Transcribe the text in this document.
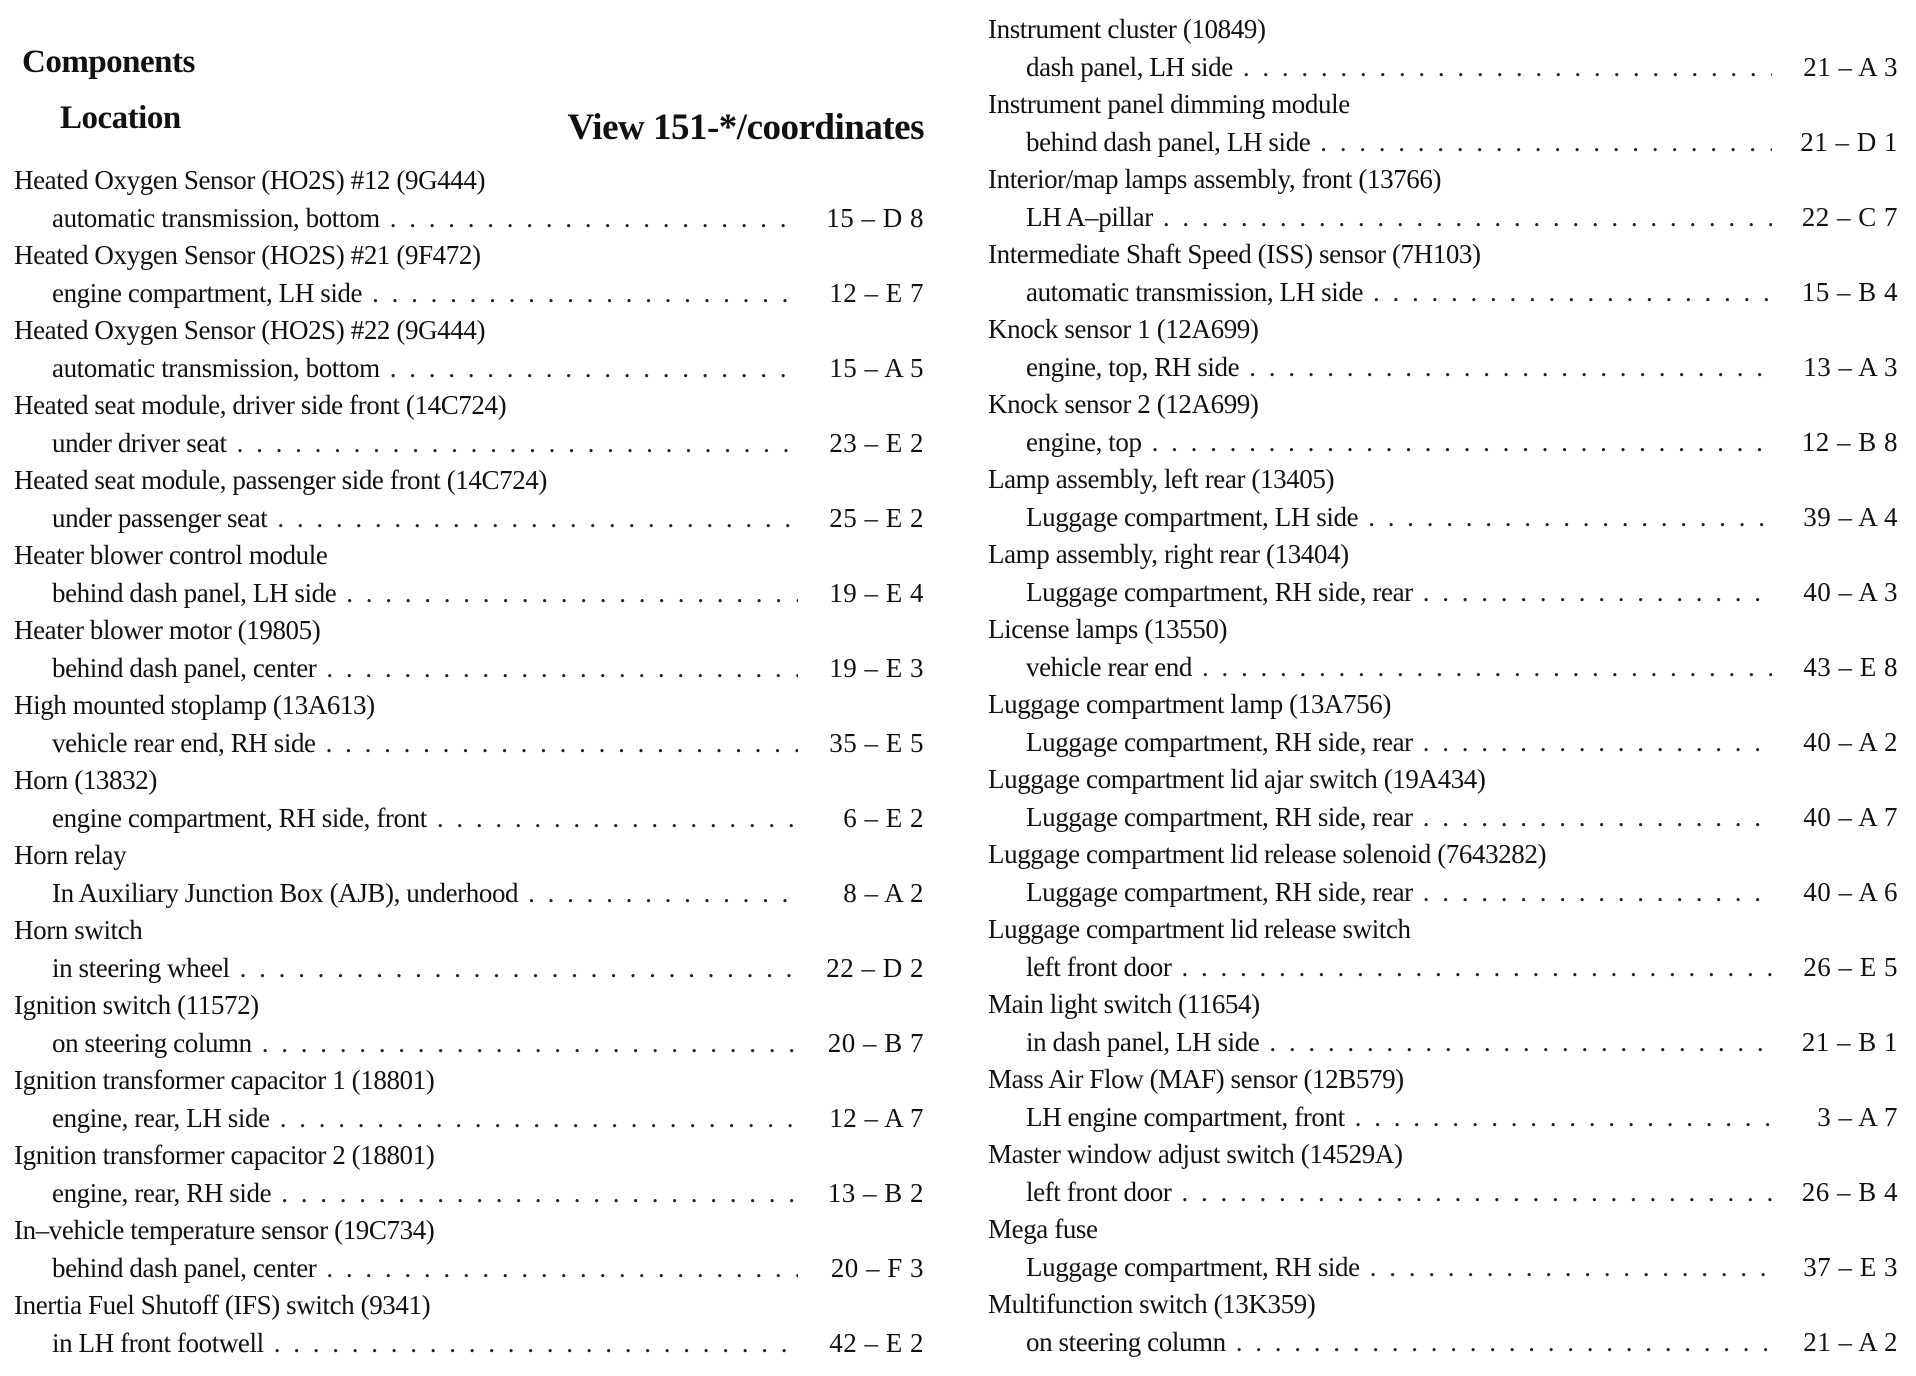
Components
Location	View 151-*/coordinates
Heated Oxygen Sensor (HO2S) #12 (9G444)
automatic transmission, bottom . . .	15 – D 8
Heated Oxygen Sensor (HO2S) #21 (9F472)
engine compartment, LH side . . .	12 – E 7
Heated Oxygen Sensor (HO2S) #22 (9G444)
automatic transmission, bottom . . .	15 – A 5
Heated seat module, driver side front (14C724)
under driver seat . . .	23 – E 2
Heated seat module, passenger side front (14C724)
under passenger seat . . .	25 – E 2
Heater blower control module
behind dash panel, LH side . . .	19 – E 4
Heater blower motor (19805)
behind dash panel, center . . .	19 – E 3
High mounted stoplamp (13A613)
vehicle rear end, RH side . . .	35 – E 5
Horn (13832)
engine compartment, RH side, front . . .	6 – E 2
Horn relay
In Auxiliary Junction Box (AJB), underhood . . .	8 – A 2
Horn switch
in steering wheel . . .	22 – D 2
Ignition switch (11572)
on steering column . . .	20 – B 7
Ignition transformer capacitor 1 (18801)
engine, rear, LH side . . .	12 – A 7
Ignition transformer capacitor 2 (18801)
engine, rear, RH side . . .	13 – B 2
In–vehicle temperature sensor (19C734)
behind dash panel, center . . .	20 – F 3
Inertia Fuel Shutoff (IFS) switch (9341)
in LH front footwell . . .	42 – E 2
Instrument cluster (10849)
dash panel, LH side . . .	21 – A 3
Instrument panel dimming module
behind dash panel, LH side . . .	21 – D 1
Interior/map lamps assembly, front (13766)
LH A–pillar . . .	22 – C 7
Intermediate Shaft Speed (ISS) sensor (7H103)
automatic transmission, LH side . . .	15 – B 4
Knock sensor 1 (12A699)
engine, top, RH side . . .	13 – A 3
Knock sensor 2 (12A699)
engine, top . . .	12 – B 8
Lamp assembly, left rear (13405)
Luggage compartment, LH side . . .	39 – A 4
Lamp assembly, right rear (13404)
Luggage compartment, RH side, rear . . .	40 – A 3
License lamps (13550)
vehicle rear end . . .	43 – E 8
Luggage compartment lamp (13A756)
Luggage compartment, RH side, rear . . .	40 – A 2
Luggage compartment lid ajar switch (19A434)
Luggage compartment, RH side, rear . . .	40 – A 7
Luggage compartment lid release solenoid (7643282)
Luggage compartment, RH side, rear . . .	40 – A 6
Luggage compartment lid release switch
left front door . . .	26 – E 5
Main light switch (11654)
in dash panel, LH side . . .	21 – B 1
Mass Air Flow (MAF) sensor (12B579)
LH engine compartment, front . . .	3 – A 7
Master window adjust switch (14529A)
left front door . . .	26 – B 4
Mega fuse
Luggage compartment, RH side . . .	37 – E 3
Multifunction switch (13K359)
on steering column . . .	21 – A 2
